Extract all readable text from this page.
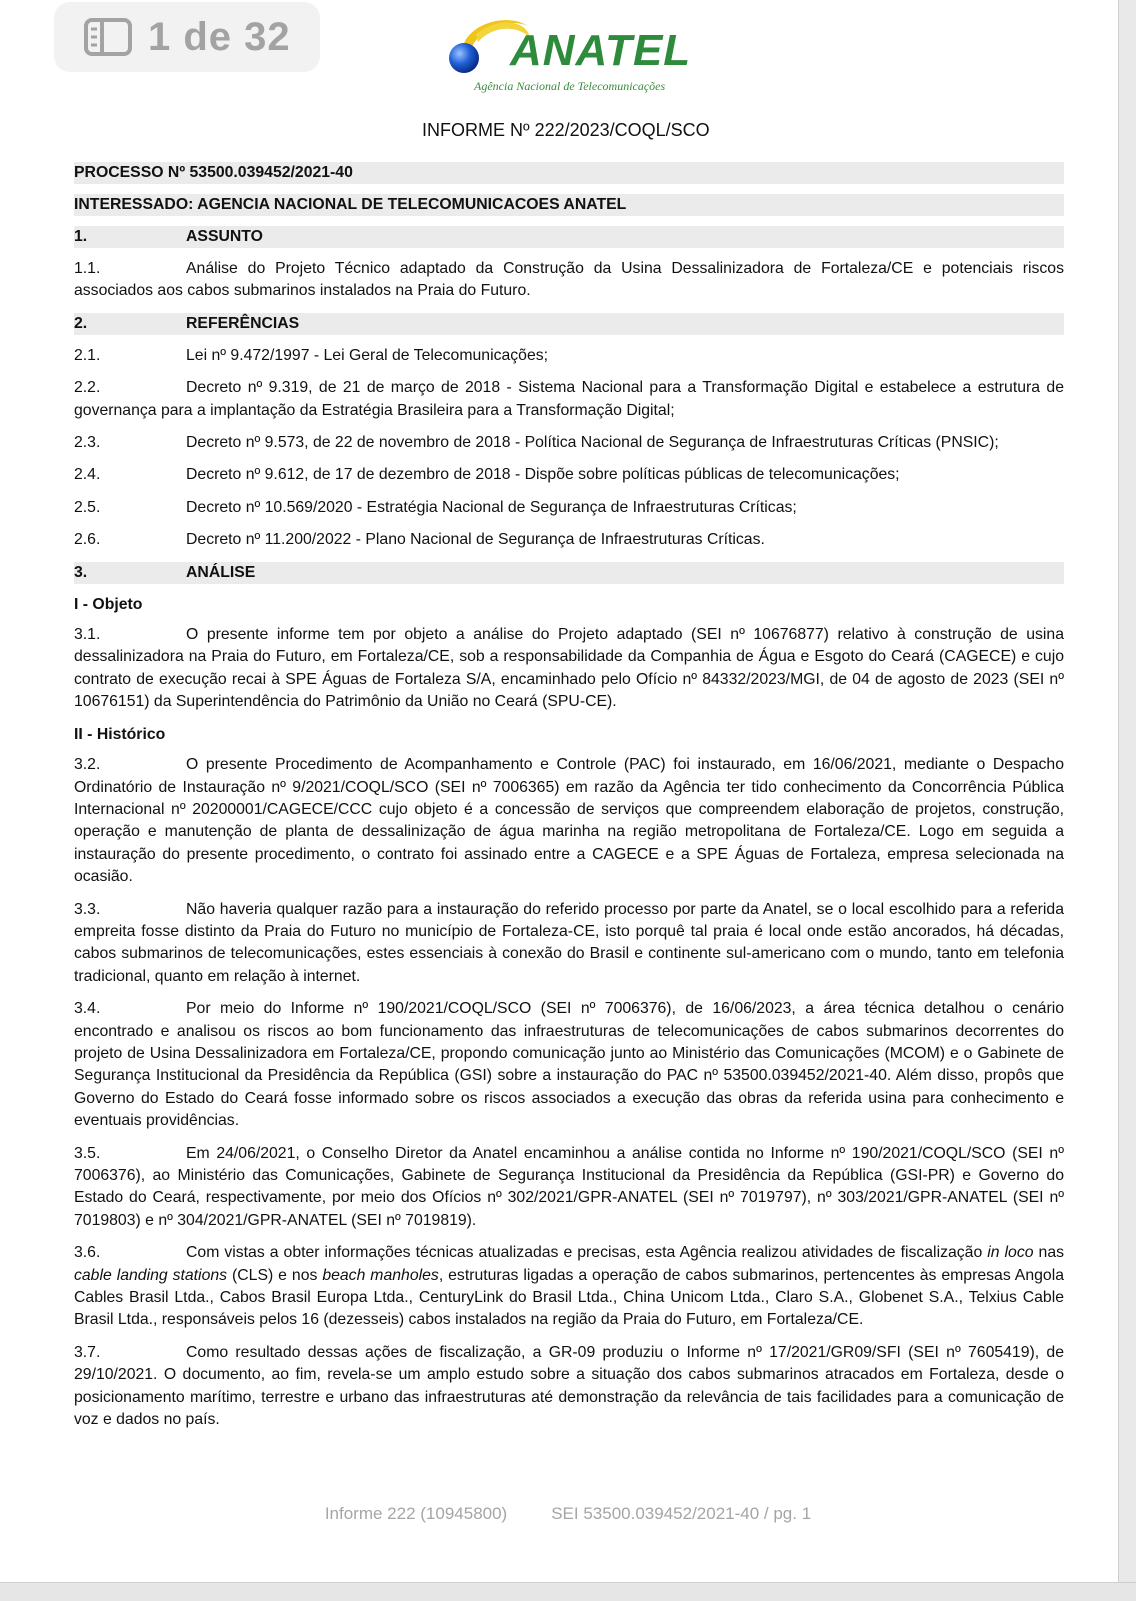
1 de 32	ANATEL
Agência Nacional de Telecomunicações
INFORME Nº 222/2023/COQL/SCO
PROCESSO Nº 53500.039452/2021-40
INTERESSADO: AGENCIA NACIONAL DE TELECOMUNICACOES ANATEL
1.	ASSUNTO
1.1.	Análise do Projeto Técnico adaptado da Construção da Usina Dessalinizadora de Fortaleza/CE e potenciais riscos associados aos cabos submarinos instalados na Praia do Futuro.
2.	REFERÊNCIAS
2.1.	Lei nº 9.472/1997 - Lei Geral de Telecomunicações;
2.2.	Decreto nº 9.319, de 21 de março de 2018 - Sistema Nacional para a Transformação Digital e estabelece a estrutura de governança para a implantação da Estratégia Brasileira para a Transformação Digital;
2.3.	Decreto nº 9.573, de 22 de novembro de 2018 - Política Nacional de Segurança de Infraestruturas Críticas (PNSIC);
2.4.	Decreto nº 9.612, de 17 de dezembro de 2018 - Dispõe sobre políticas públicas de telecomunicações;
2.5.	Decreto nº 10.569/2020 - Estratégia Nacional de Segurança de Infraestruturas Críticas;
2.6.	Decreto nº 11.200/2022 - Plano Nacional de Segurança de Infraestruturas Críticas.
3.	ANÁLISE
I - Objeto
3.1.	O presente informe tem por objeto a análise do Projeto adaptado (SEI nº 10676877) relativo à construção de usina dessalinizadora na Praia do Futuro, em Fortaleza/CE, sob a responsabilidade da Companhia de Água e Esgoto do Ceará (CAGECE) e cujo contrato de execução recai à SPE Águas de Fortaleza S/A, encaminhado pelo Ofício nº 84332/2023/MGI, de 04 de agosto de 2023 (SEI nº 10676151) da Superintendência do Patrimônio da União no Ceará (SPU-CE).
II - Histórico
3.2.	O presente Procedimento de Acompanhamento e Controle (PAC) foi instaurado, em 16/06/2021, mediante o Despacho Ordinatório de Instauração nº 9/2021/COQL/SCO (SEI nº 7006365) em razão da Agência ter tido conhecimento da Concorrência Pública Internacional nº 20200001/CAGECE/CCC cujo objeto é a concessão de serviços que compreendem elaboração de projetos, construção, operação e manutenção de planta de dessalinização de água marinha na região metropolitana de Fortaleza/CE. Logo em seguida a instauração do presente procedimento, o contrato foi assinado entre a CAGECE e a SPE Águas de Fortaleza, empresa selecionada na ocasião.
3.3.	Não haveria qualquer razão para a instauração do referido processo por parte da Anatel, se o local escolhido para a referida empreita fosse distinto da Praia do Futuro no município de Fortaleza-CE, isto porquê tal praia é local onde estão ancorados, há décadas, cabos submarinos de telecomunicações, estes essenciais à conexão do Brasil e continente sul-americano com o mundo, tanto em telefonia tradicional, quanto em relação à internet.
3.4.	Por meio do Informe nº 190/2021/COQL/SCO (SEI nº 7006376), de 16/06/2023, a área técnica detalhou o cenário encontrado e analisou os riscos ao bom funcionamento das infraestruturas de telecomunicações de cabos submarinos decorrentes do projeto de Usina Dessalinizadora em Fortaleza/CE, propondo comunicação junto ao Ministério das Comunicações (MCOM) e o Gabinete de Segurança Institucional da Presidência da República (GSI) sobre a instauração do PAC nº 53500.039452/2021-40. Além disso, propôs que Governo do Estado do Ceará fosse informado sobre os riscos associados a execução das obras da referida usina para conhecimento e eventuais providências.
3.5.	Em 24/06/2021, o Conselho Diretor da Anatel encaminhou a análise contida no Informe nº 190/2021/COQL/SCO (SEI nº 7006376), ao Ministério das Comunicações, Gabinete de Segurança Institucional da Presidência da República (GSI-PR) e Governo do Estado do Ceará, respectivamente, por meio dos Ofícios nº 302/2021/GPR-ANATEL (SEI nº 7019797), nº 303/2021/GPR-ANATEL (SEI nº 7019803) e nº 304/2021/GPR-ANATEL (SEI nº 7019819).
3.6.	Com vistas a obter informações técnicas atualizadas e precisas, esta Agência realizou atividades de fiscalização in loco nas cable landing stations (CLS) e nos beach manholes, estruturas ligadas a operação de cabos submarinos, pertencentes às empresas Angola Cables Brasil Ltda., Cabos Brasil Europa Ltda., CenturyLink do Brasil Ltda., China Unicom Ltda., Claro S.A., Globenet S.A., Telxius Cable Brasil Ltda., responsáveis pelos 16 (dezesseis) cabos instalados na região da Praia do Futuro, em Fortaleza/CE.
3.7.	Como resultado dessas ações de fiscalização, a GR-09 produziu o Informe nº 17/2021/GR09/SFI (SEI nº 7605419), de 29/10/2021. O documento, ao fim, revela-se um amplo estudo sobre a situação dos cabos submarinos atracados em Fortaleza, desde o posicionamento marítimo, terrestre e urbano das infraestruturas até demonstração da relevância de tais facilidades para a comunicação de voz e dados no país.
Informe 222 (10945800)	SEI 53500.039452/2021-40 / pg. 1
